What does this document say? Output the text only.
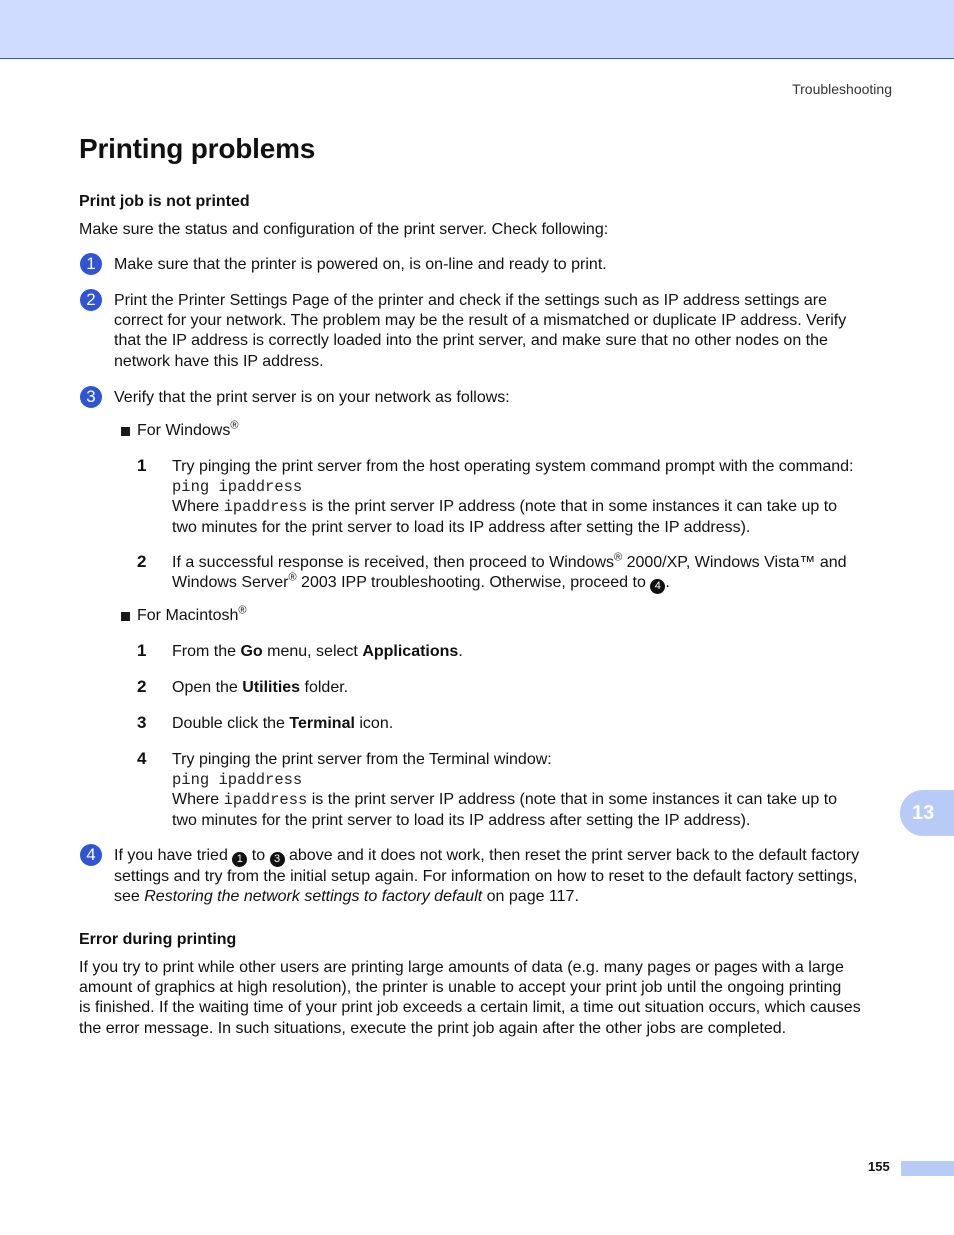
Troubleshooting
Printing problems
Print job is not printed

Make sure the status and configuration of the print server. Check following:

1	Make sure that the printer is powered on, is on-line and ready to print.

2	Print the Printer Settings Page of the printer and check if the settings such as IP address settings are
correct for your network. The problem may be the result of a mismatched or duplicate IP address. Verify
that the IP address is correctly loaded into the print server, and make sure that no other nodes on the
network have this IP address.
3	Verify that the print server is on your network as follows:

For Windows®

1 Try pinging the print server from the host operating system command prompt with the command:
ping ipaddress
Where ipaddress is the print server IP address (note that in some instances it can take up to
two minutes for the print server to load its IP address after setting the IP address).
2 If a successful response is received, then proceed to Windows® 2000/XP, Windows Vista™ and
Windows Server® 2003 IPP troubleshooting. Otherwise, proceed to 4 .

For Macintosh®

1 From the Go menu, select Applications.

2 Open the Utilities folder.

3 Double click the Terminal icon.

4 Try pinging the print server from the Terminal window:
ping ipaddress
Where ipaddress is the print server IP address (note that in some instances it can take up to
two minutes for the print server to load its IP address after setting the IP address).
4	If you have tried 1 to 3 above and it does not work, then reset the print server back to the default factory
settings and try from the initial setup again. For information on how to reset to the default factory settings,
see Restoring the network settings to factory default on page 117.
Error during printing
If you try to print while other users are printing large amounts of data (e.g. many pages or pages with a large
amount of graphics at high resolution), the printer is unable to accept your print job until the ongoing printing
is finished. If the waiting time of your print job exceeds a certain limit, a time out situation occurs, which causes
the error message. In such situations, execute the print job again after the other jobs are completed.
13
155
